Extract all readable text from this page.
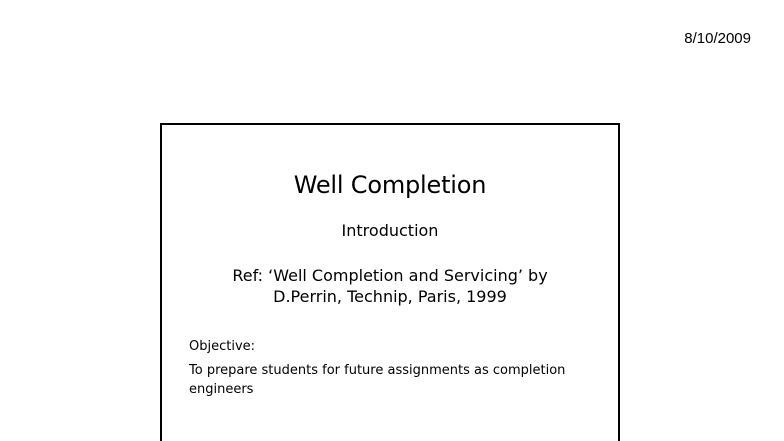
8/10/2009
Well Completion
Introduction
Ref: ‘Well Completion and Servicing’ by
D.Perrin, Technip, Paris, 1999
Objective:
To prepare students for future assignments as completion engineers
